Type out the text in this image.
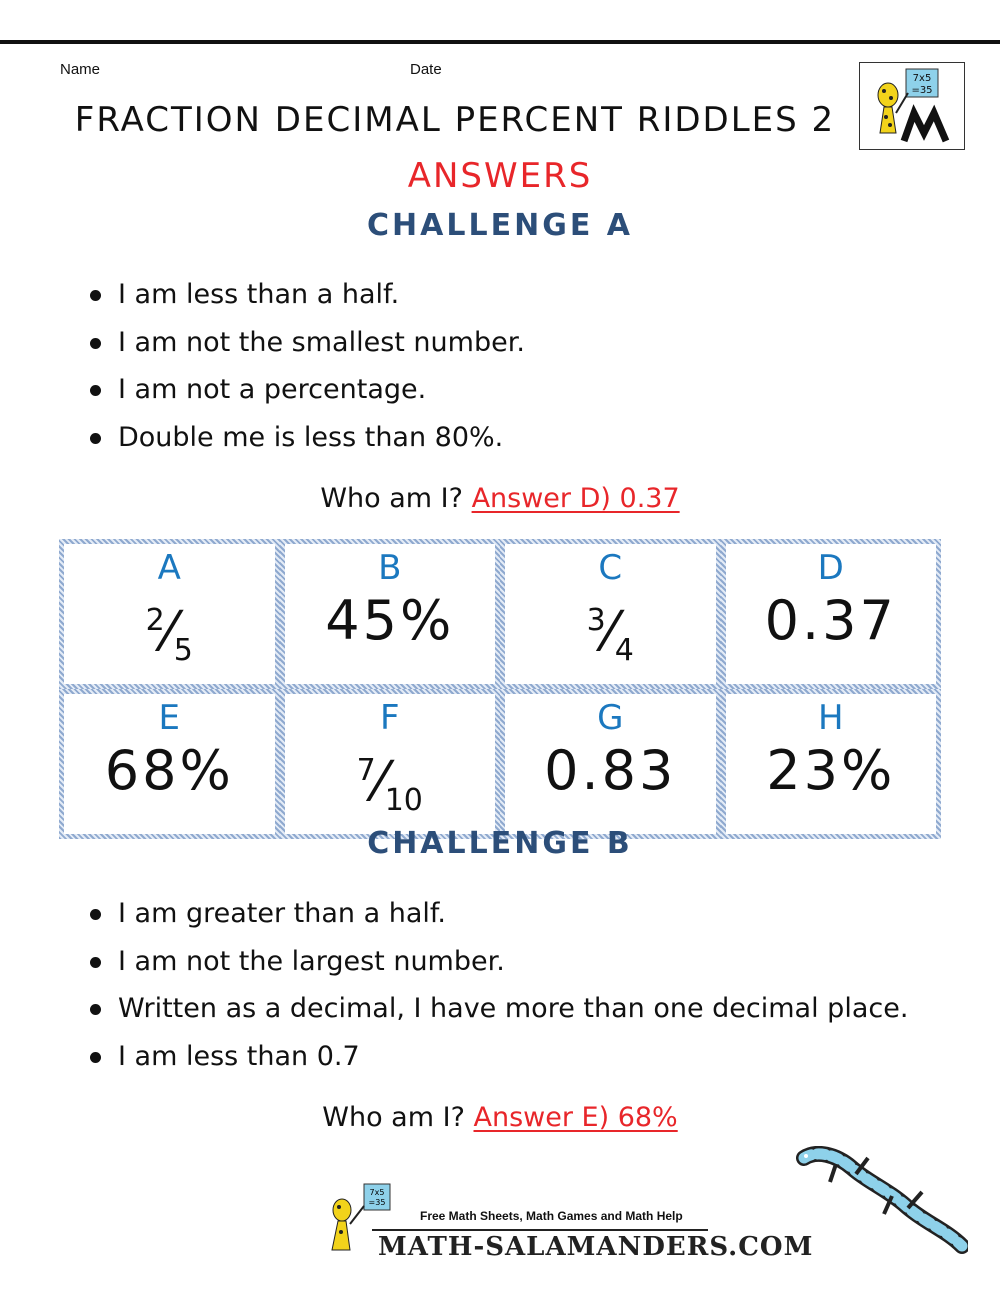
Name	Date
7x5
=35
FRACTION DECIMAL PERCENT RIDDLES 2
ANSWERS
CHALLENGE A
I am less than a half.
I am not the smallest number.
I am not a percentage.
Double me is less than 80%.
Who am I? Answer D) 0.37
A
$^2⁄_5$
B
45%
C
$^3⁄_4$
D
0.37
E
68%
F
$^7⁄_{10}$
G
0.83
H
23%
CHALLENGE B
I am greater than a half.
I am not the largest number.
Written as a decimal, I have more than one decimal place.
I am less than 0.7
Who am I? Answer E) 68%
7x5
=35
Free Math Sheets, Math Games and Math Help
MATH-SALAMANDERS.COM
